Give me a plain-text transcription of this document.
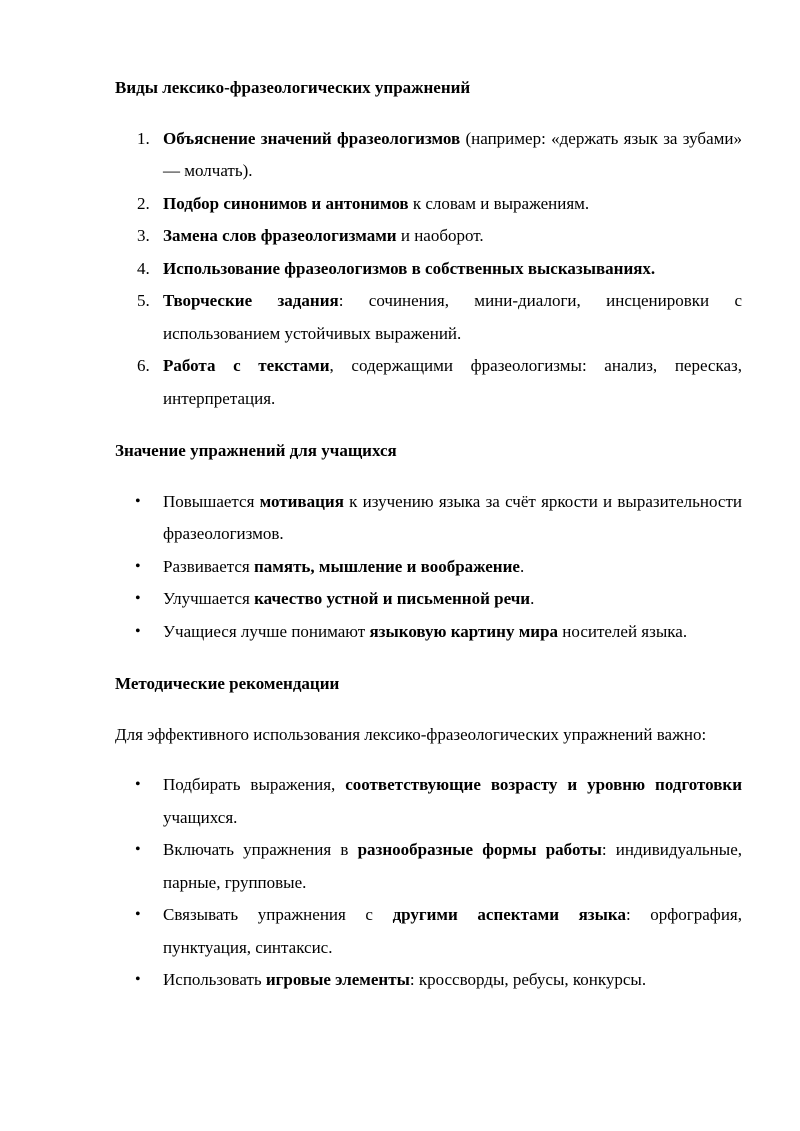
Виды лексико-фразеологических упражнений
1. Объяснение значений фразеологизмов (например: «держать язык за зубами» — молчать).
2. Подбор синонимов и антонимов к словам и выражениям.
3. Замена слов фразеологизмами и наоборот.
4. Использование фразеологизмов в собственных высказываниях.
5. Творческие задания: сочинения, мини-диалоги, инсценировки с использованием устойчивых выражений.
6. Работа с текстами, содержащими фразеологизмы: анализ, пересказ, интерпретация.
Значение упражнений для учащихся
• Повышается мотивация к изучению языка за счёт яркости и выразительности фразеологизмов.
• Развивается память, мышление и воображение.
• Улучшается качество устной и письменной речи.
• Учащиеся лучше понимают языковую картину мира носителей языка.
Методические рекомендации

Для эффективного использования лексико-фразеологических упражнений важно:

• Подбирать выражения, соответствующие возрасту и уровню подготовки учащихся.
• Включать упражнения в разнообразные формы работы: индивидуальные, парные, групповые.
• Связывать упражнения с другими аспектами языка: орфография, пунктуация, синтаксис.
• Использовать игровые элементы: кроссворды, ребусы, конкурсы.
